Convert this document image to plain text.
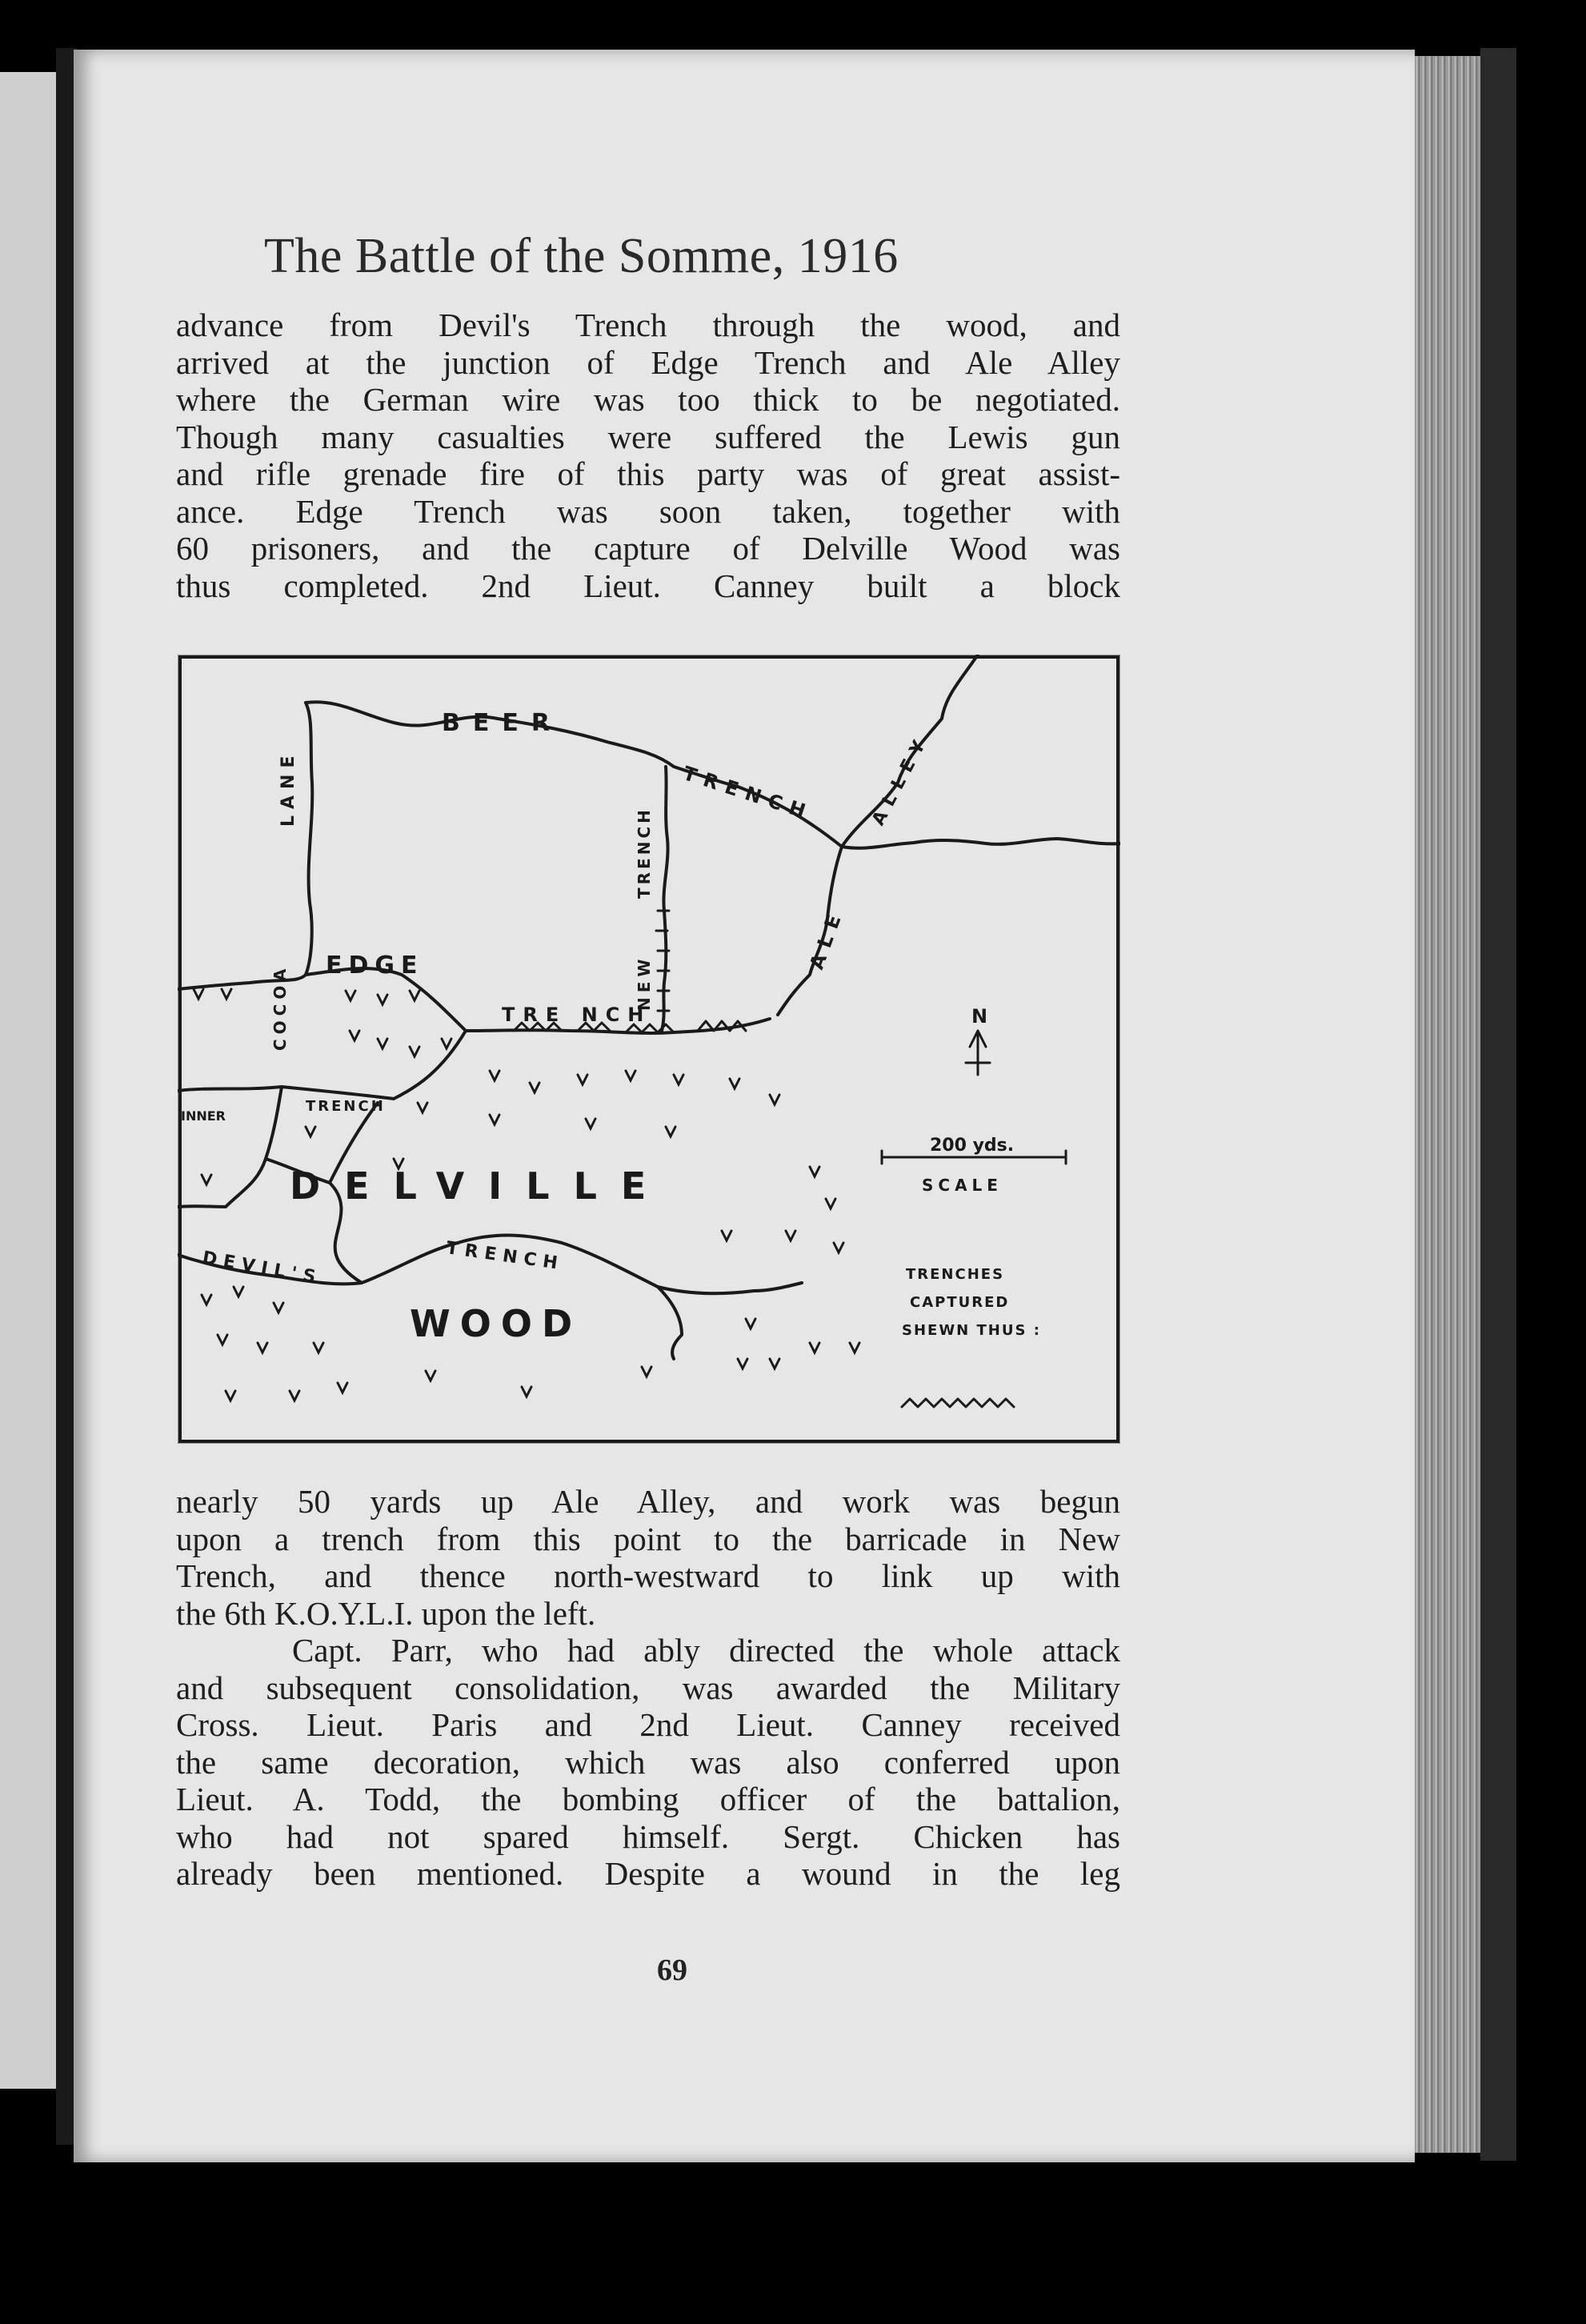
The Battle of the Somme, 1916
advance from Devil's Trench through the wood, and
arrived at the junction of Edge Trench and Ale Alley
where the German wire was too thick to be negotiated.
Though many casualties were suffered the Lewis gun
and rifle grenade fire of this party was of great assist-
ance. Edge Trench was soon taken, together with
60 prisoners, and the capture of Delville Wood was
thus completed. 2nd Lieut. Canney built a block
BEER
TRENCH	ALLEY
ALE
NEW
TRENCH
LANE
COCOA EDGE
TRE NCH
INNER
TRENCH
DELVILLE
DEVIL'S	TRENCH
WOOD
N
200 yds.
SCALE
TRENCHES
CAPTURED
SHEWN THUS :
nearly 50 yards up Ale Alley, and work was begun
upon a trench from this point to the barricade in New
Trench, and thence north-westward to link up with
the 6th K.O.Y.L.I. upon the left.
Capt. Parr, who had ably directed the whole attack
and subsequent consolidation, was awarded the Military
Cross. Lieut. Paris and 2nd Lieut. Canney received
the same decoration, which was also conferred upon
Lieut. A. Todd, the bombing officer of the battalion,
who had not spared himself. Sergt. Chicken has
already been mentioned. Despite a wound in the leg
69
